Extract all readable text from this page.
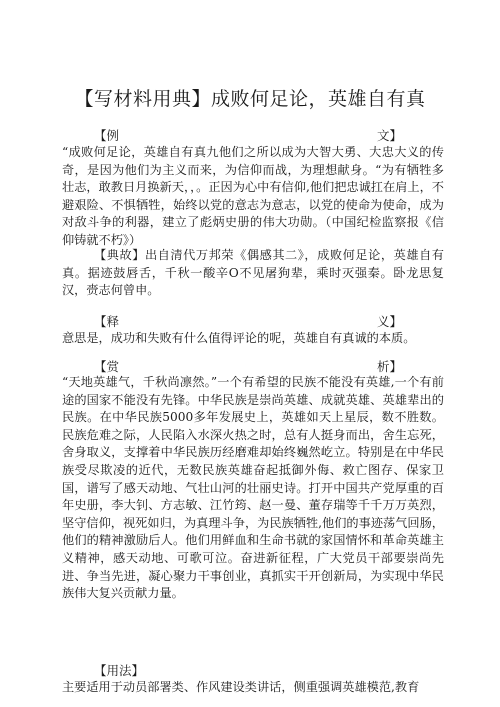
【写材料用典】成败何足论，英雄自有真
【例	文】

“成败何足论，英雄自有真九他们之所以成为大智大勇、大忠大义的传奇，是因为他们为主义而来，为信仰而战，为理想献身。“为有牺牲多壮志，敢教日月换新天，，。正因为心中有信仰,他们把忠诚扛在肩上，不避艰险、不惧牺牲，始终以党的意志为意志，以党的使命为使命，成为对敌斗争的利器，建立了彪炳史册的伟大功勋。（中国纪检监察报《信仰铸就不朽》）

【典故】出自清代万邦荣《偶感其二》，成败何足论，英雄自有真。据迹鼓唇舌，千秋一酸辛O不见屠狗辈，乘时灭强秦。卧龙思复汉，赍志何曾申。

【释	义】

意思是，成功和失败有什么值得评论的呢，英雄自有真诚的本质。

【赏	析】

“天地英雄气，千秋尚凛然。”一个有希望的民族不能没有英雄,一个有前途的国家不能没有先锋。中华民族是崇尚英雄、成就英雄、英雄辈出的民族。在中华民族5000多年发展史上，英雄如天上星辰，数不胜数。民族危难之际，人民陷入水深火热之时，总有人挺身而出，舍生忘死，舍身取义，支撑着中华民族历经磨难却始终巍然屹立。特别是在中华民族受尽欺凌的近代，无数民族英雄奋起抵御外侮、救亡图存、保家卫国，谱写了感天动地、气壮山河的壮丽史诗。打开中国共产党厚重的百年史册，李大钊、方志敏、江竹筠、赵一曼、董存瑞等千千万万英烈，坚守信仰，视死如归，为真理斗争，为民族牺牲,他们的事迹荡气回肠，他们的精神激励后人。他们用鲜血和生命书就的家国情怀和革命英雄主义精神，感天动地、可歌可泣。奋进新征程，广大党员干部要崇尚先进、争当先进，凝心聚力干事创业，真抓实干开创新局，为实现中华民族伟大复兴贡献力量。

【用法】

主要适用于动员部署类、作风建设类讲话，侧重强调英雄模范,教育
